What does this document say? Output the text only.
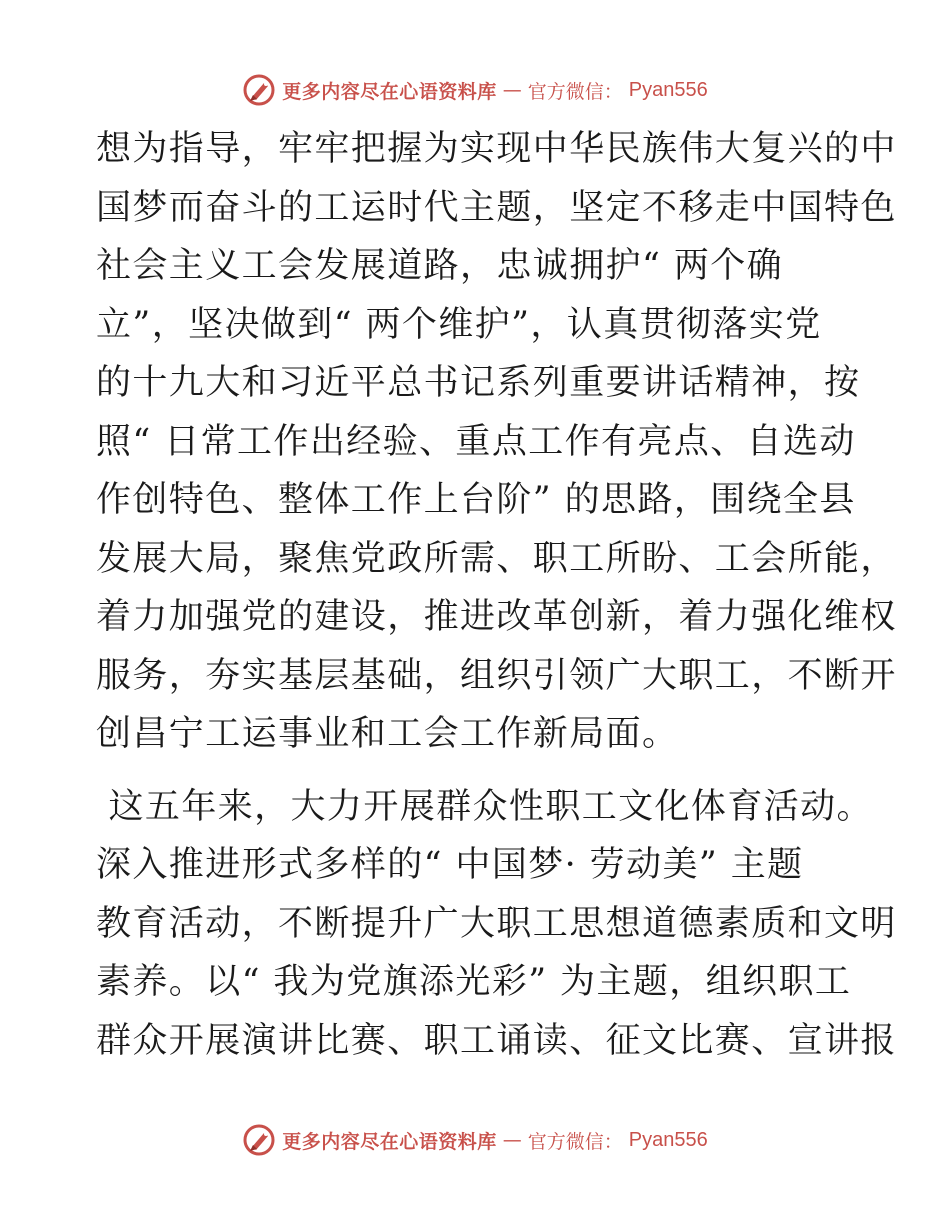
更多内容尽在心语资料库 — 官方微信： Pyan556
想为指导，牢牢把握为实现中华民族伟大复兴的中
国梦而奋斗的工运时代主题，坚定不移走中国特色
社会主义工会发展道路，忠诚拥护“ 两个确
立”，坚决做到“ 两个维护”，认真贯彻落实党
的十九大和习近平总书记系列重要讲话精神，按
照“ 日常工作出经验、重点工作有亮点、自选动
作创特色、整体工作上台阶” 的思路，围绕全县
发展大局，聚焦党政所需、职工所盼、工会所能，
着力加强党的建设，推进改革创新，着力强化维权
服务，夯实基层基础，组织引领广大职工，不断开
创昌宁工运事业和工会工作新局面。
这五年来，大力开展群众性职工文化体育活动。
深入推进形式多样的“ 中国梦· 劳动美” 主题
教育活动，不断提升广大职工思想道德素质和文明
素养。以“ 我为党旗添光彩” 为主题，组织职工
群众开展演讲比赛、职工诵读、征文比赛、宣讲报
更多内容尽在心语资料库 — 官方微信： Pyan556
